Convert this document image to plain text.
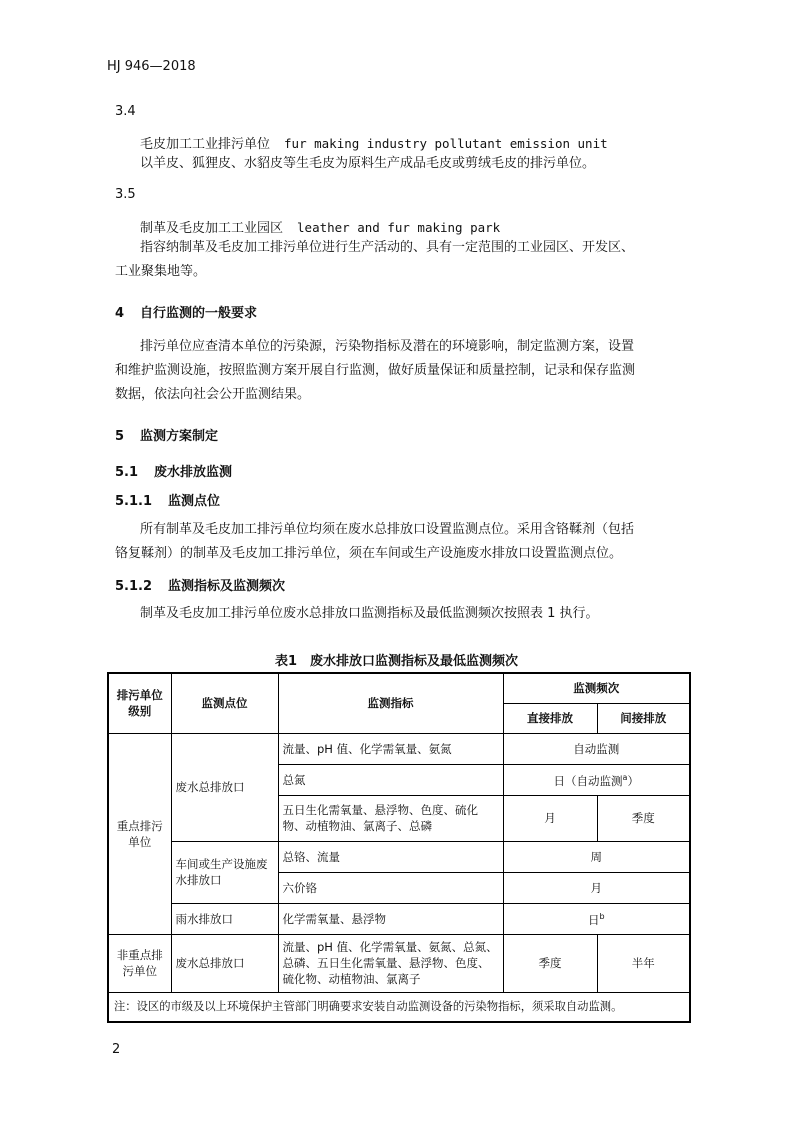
HJ 946—2018
3.4
毛皮加工工业排污单位 fur making industry pollutant emission unit
以羊皮、狐狸皮、水貂皮等生毛皮为原料生产成品毛皮或剪绒毛皮的排污单位。
3.5
制革及毛皮加工工业园区 leather and fur making park
指容纳制革及毛皮加工排污单位进行生产活动的、具有一定范围的工业园区、开发区、
工业聚集地等。
4 自行监测的一般要求
排污单位应查清本单位的污染源，污染物指标及潜在的环境影响，制定监测方案，设置
和维护监测设施，按照监测方案开展自行监测，做好质量保证和质量控制，记录和保存监测
数据，依法向社会公开监测结果。
5 监测方案制定
5.1 废水排放监测
5.1.1 监测点位
所有制革及毛皮加工排污单位均须在废水总排放口设置监测点位。采用含铬鞣剂（包括
铬复鞣剂）的制革及毛皮加工排污单位，须在车间或生产设施废水排放口设置监测点位。
5.1.2 监测指标及监测频次
制革及毛皮加工排污单位废水总排放口监测指标及最低监测频次按照表 1 执行。
表1　废水排放口监测指标及最低监测频次
排污单位级别	监测点位	监测指标	监测频次	
			直接排放	间接排放
重点排污单位	废水总排放口	流量、pH 值、化学需氧量、氨氮	自动监测	
		总氮	日（自动监测$^a$）	
		五日生化需氧量、悬浮物、色度、硫化物、动植物油、氯离子、总磷	月	季度
	车间或生产设施废水排放口	总铬、流量	周	
		六价铬	月	
	雨水排放口	化学需氧量、悬浮物	日$^b$
非重点排污单位	废水总排放口	流量、pH 值、化学需氧量、氨氮、总氮、总磷、五日生化需氧量、悬浮物、色度、硫化物、动植物油、氯离子	季度	半年
注：设区的市级及以上环境保护主管部门明确要求安装自动监测设备的污染物指标，须采取自动监测。				
2
